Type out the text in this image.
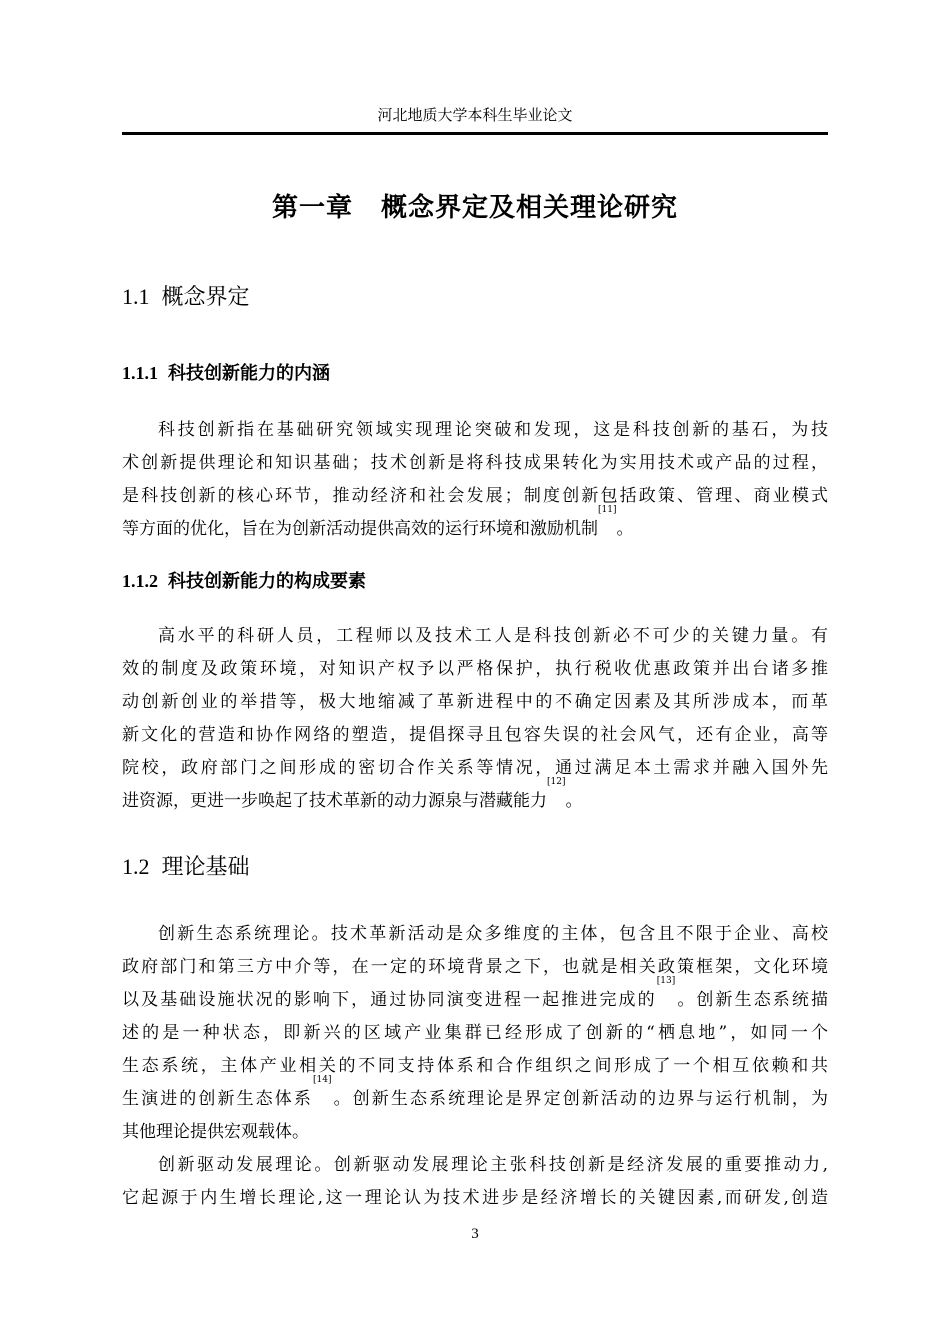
河北地质大学本科生毕业论文
第一章 概念界定及相关理论研究
1.1 概念界定
1.1.1 科技创新能力的内涵
科技创新指在基础研究领域实现理论突破和发现，这是科技创新的基石，为技
术创新提供理论和知识基础；技术创新是将科技成果转化为实用技术或产品的过程，
是科技创新的核心环节，推动经济和社会发展；制度创新包括政策、管理、商业模式
等方面的优化，旨在为创新活动提供高效的运行环境和激励机制[11]。
1.1.2 科技创新能力的构成要素
高水平的科研人员，工程师以及技术工人是科技创新必不可少的关键力量。有
效的制度及政策环境，对知识产权予以严格保护，执行税收优惠政策并出台诸多推
动创新创业的举措等，极大地缩减了革新进程中的不确定因素及其所涉成本，而革
新文化的营造和协作网络的塑造，提倡探寻且包容失误的社会风气，还有企业，高等
院校，政府部门之间形成的密切合作关系等情况，通过满足本土需求并融入国外先
进资源，更进一步唤起了技术革新的动力源泉与潜藏能力[12]。
1.2 理论基础
创新生态系统理论。技术革新活动是众多维度的主体，包含且不限于企业、高校
政府部门和第三方中介等，在一定的环境背景之下，也就是相关政策框架，文化环境
以及基础设施状况的影响下，通过协同演变进程一起推进完成的[13]。创新生态系统描
述的是一种状态，即新兴的区域产业集群已经形成了创新的“栖息地”，如同一个
生态系统，主体产业相关的不同支持体系和合作组织之间形成了一个相互依赖和共
生演进的创新生态体系[14]。创新生态系统理论是界定创新活动的边界与运行机制，为
其他理论提供宏观载体。
创新驱动发展理论。创新驱动发展理论主张科技创新是经济发展的重要推动力,
它起源于内生增长理论,这一理论认为技术进步是经济增长的关键因素,而研发,创造
3
